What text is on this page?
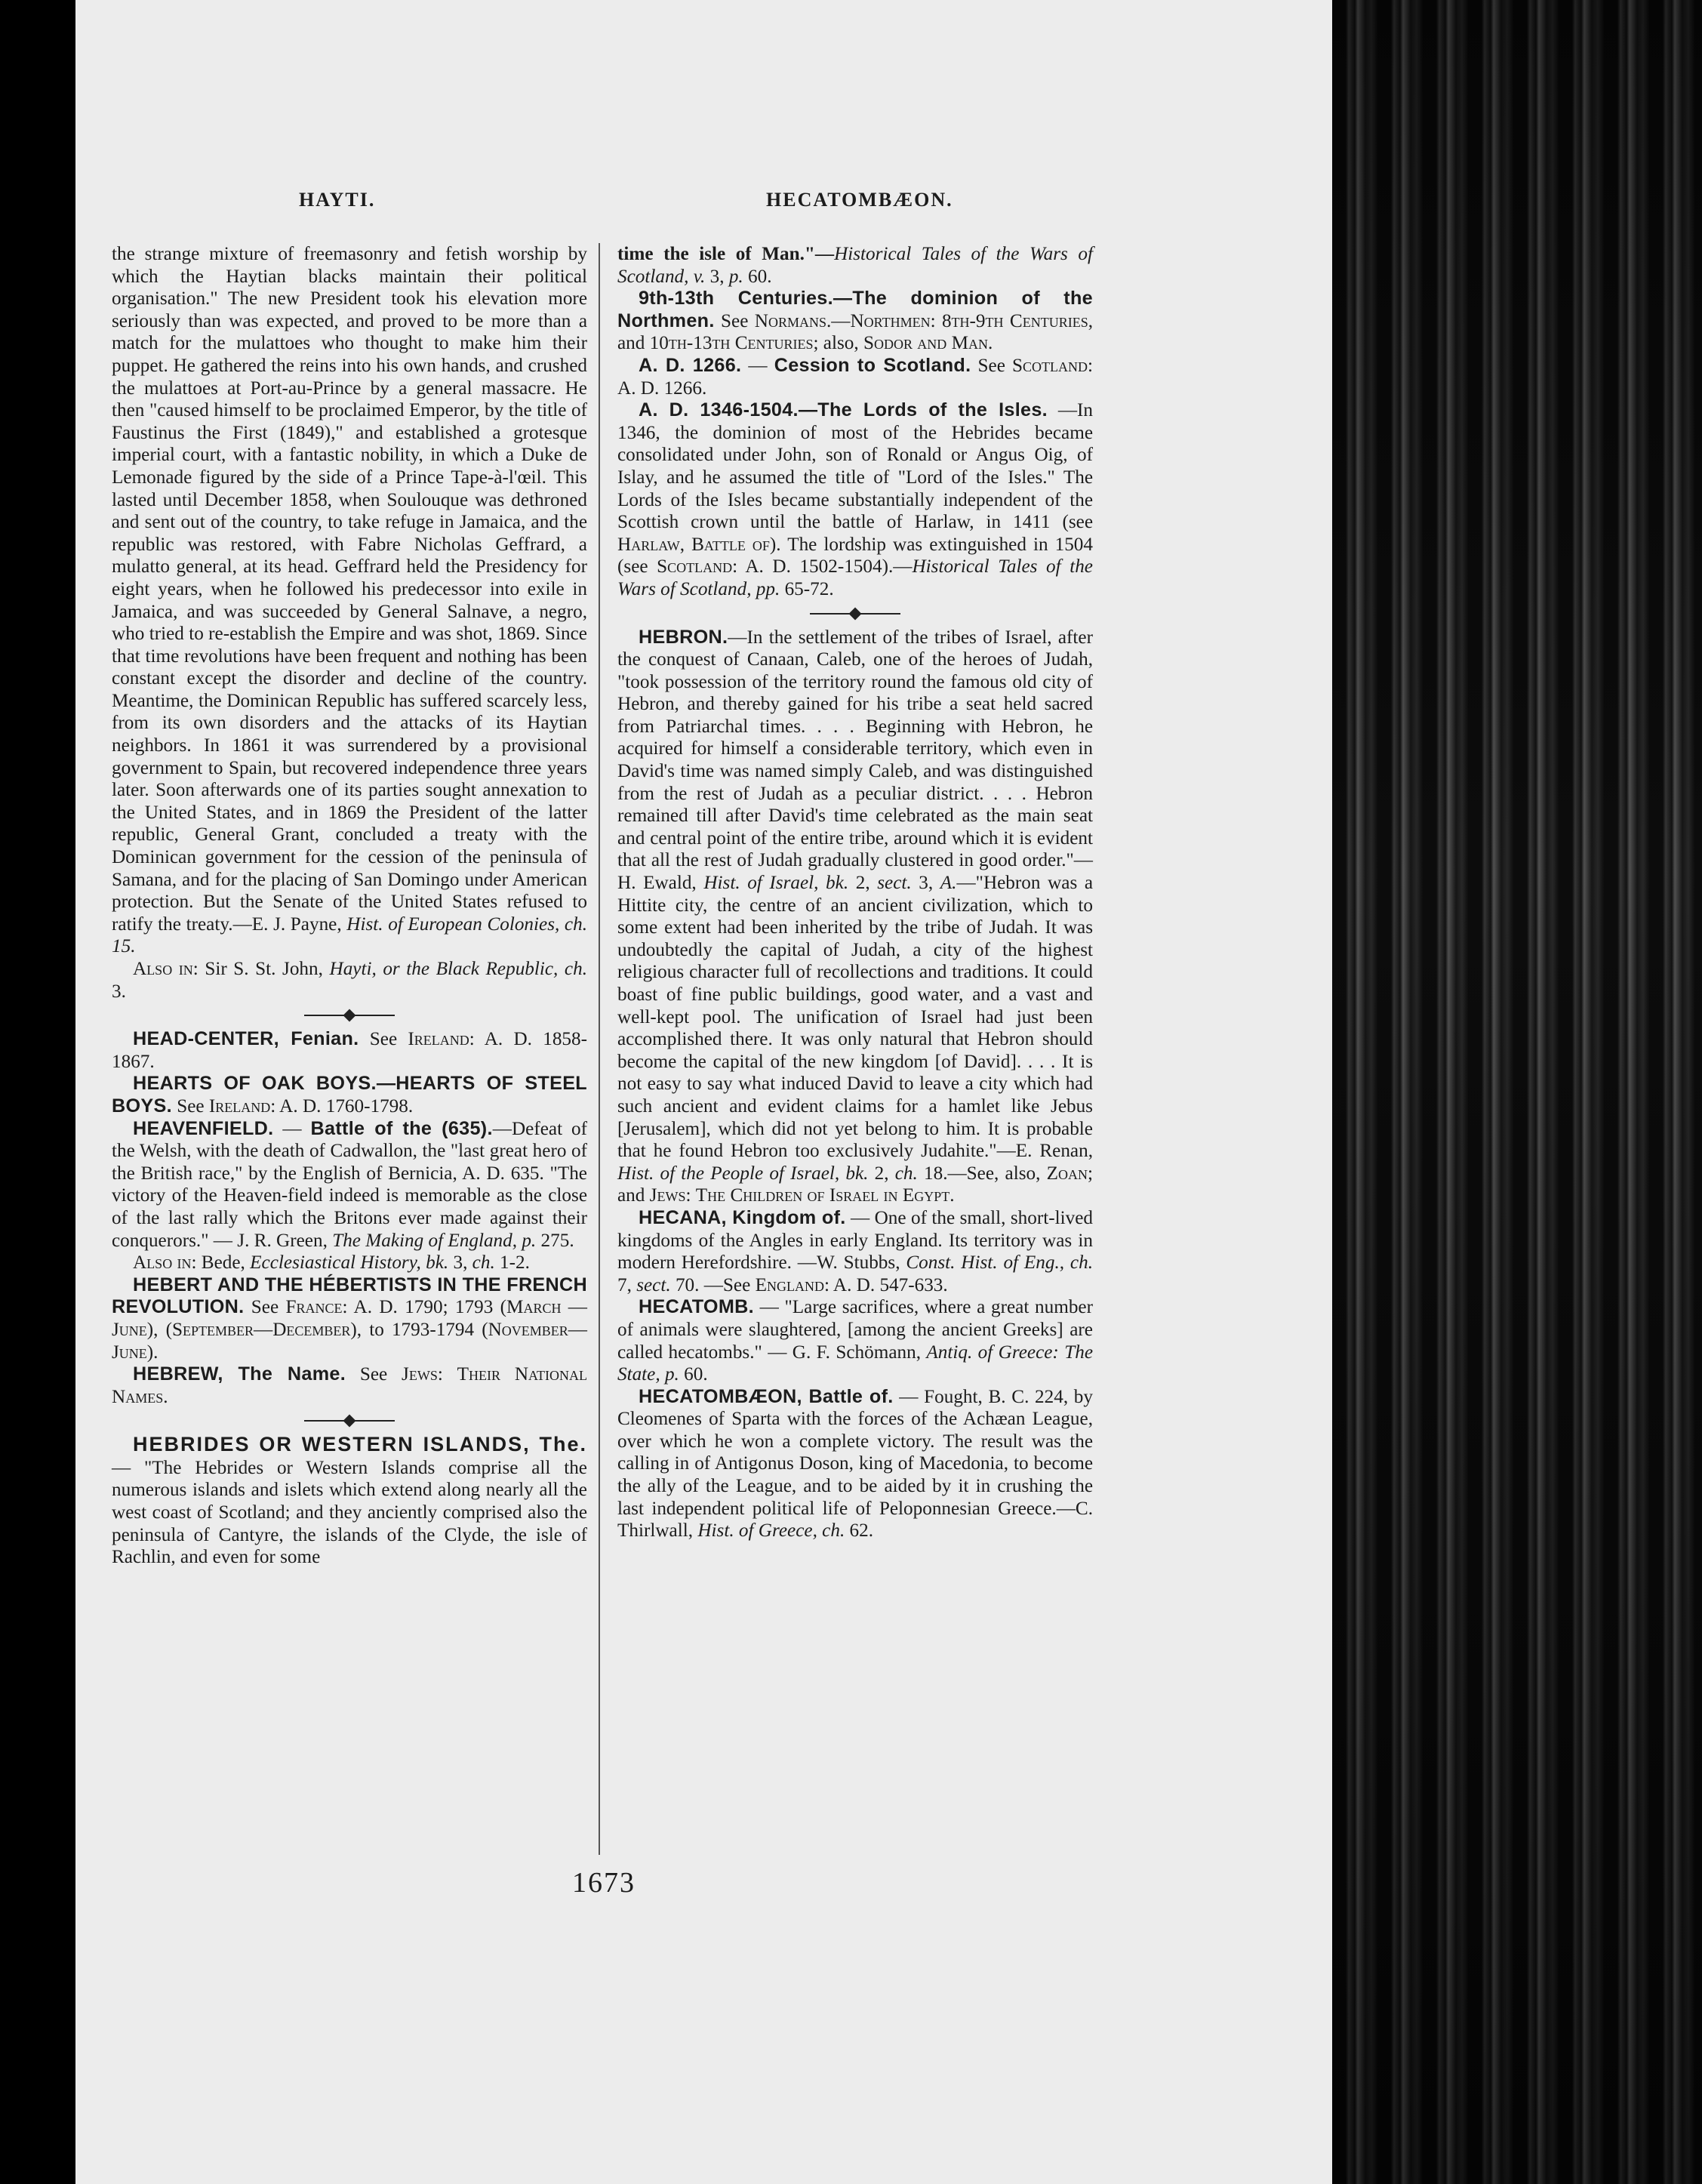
HAYTI.	HECATOMBÆON.

the strange mixture of freemasonry and fetish worship by which the Haytian blacks maintain their political organisation." The new President took his elevation more seriously than was expected, and proved to be more than a match for the mulattoes who thought to make him their puppet. He gathered the reins into his own hands, and crushed the mulattoes at Port-au-Prince by a general massacre. He then "caused himself to be proclaimed Emperor, by the title of Faustinus the First (1849)," and established a grotesque imperial court, with a fantastic nobility, in which a Duke de Lemonade figured by the side of a Prince Tape-à-l'œil. This lasted until December 1858, when Soulouque was dethroned and sent out of the country, to take refuge in Jamaica, and the republic was restored, with Fabre Nicholas Geffrard, a mulatto general, at its head. Geffrard held the Presidency for eight years, when he followed his predecessor into exile in Jamaica, and was succeeded by General Salnave, a negro, who tried to re-establish the Empire and was shot, 1869. Since that time revolutions have been frequent and nothing has been constant except the disorder and decline of the country. Meantime, the Dominican Republic has suffered scarcely less, from its own disorders and the attacks of its Haytian neighbors. In 1861 it was surrendered by a provisional government to Spain, but recovered independence three years later. Soon afterwards one of its parties sought annexation to the United States, and in 1869 the President of the latter republic, General Grant, concluded a treaty with the Dominican government for the cession of the peninsula of Samana, and for the placing of San Domingo under American protection. But the Senate of the United States refused to ratify the treaty.—E. J. Payne, Hist. of European Colonies, ch. 15.

Also in: Sir S. St. John, Hayti, or the Black Republic, ch. 3.

HEAD-CENTER, Fenian. See Ireland: A. D. 1858-1867.

HEARTS OF OAK BOYS.—HEARTS OF STEEL BOYS. See Ireland: A. D. 1760-1798.

HEAVENFIELD. — Battle of the (635).—Defeat of the Welsh, with the death of Cadwallon, the "last great hero of the British race," by the English of Bernicia, A. D. 635. "The victory of the Heaven-field indeed is memorable as the close of the last rally which the Britons ever made against their conquerors." — J. R. Green, The Making of England, p. 275.

Also in: Bede, Ecclesiastical History, bk. 3, ch. 1-2.

HEBERT AND THE HÉBERTISTS IN THE FRENCH REVOLUTION. See France: A. D. 1790; 1793 (March — June), (September—December), to 1793-1794 (November—June).

HEBREW, The Name. See Jews: Their National Names.

HEBRIDES OR WESTERN ISLANDS, The. — "The Hebrides or Western Islands comprise all the numerous islands and islets which extend along nearly all the west coast of Scotland; and they anciently comprised also the peninsula of Cantyre, the islands of the Clyde, the isle of Rachlin, and even for some

time the isle of Man."—Historical Tales of the Wars of Scotland, v. 3, p. 60.

9th-13th Centuries.—The dominion of the Northmen. See Normans.—Northmen: 8th-9th Centuries, and 10th-13th Centuries; also, Sodor and Man.

A. D. 1266. — Cession to Scotland. See Scotland: A. D. 1266.

A. D. 1346-1504.—The Lords of the Isles. —In 1346, the dominion of most of the Hebrides became consolidated under John, son of Ronald or Angus Oig, of Islay, and he assumed the title of "Lord of the Isles." The Lords of the Isles became substantially independent of the Scottish crown until the battle of Harlaw, in 1411 (see Harlaw, Battle of). The lordship was extinguished in 1504 (see Scotland: A. D. 1502-1504).—Historical Tales of the Wars of Scotland, pp. 65-72.

HEBRON.—In the settlement of the tribes of Israel, after the conquest of Canaan, Caleb, one of the heroes of Judah, "took possession of the territory round the famous old city of Hebron, and thereby gained for his tribe a seat held sacred from Patriarchal times. . . . Beginning with Hebron, he acquired for himself a considerable territory, which even in David's time was named simply Caleb, and was distinguished from the rest of Judah as a peculiar district. . . . Hebron remained till after David's time celebrated as the main seat and central point of the entire tribe, around which it is evident that all the rest of Judah gradually clustered in good order."—H. Ewald, Hist. of Israel, bk. 2, sect. 3, A.—"Hebron was a Hittite city, the centre of an ancient civilization, which to some extent had been inherited by the tribe of Judah. It was undoubtedly the capital of Judah, a city of the highest religious character full of recollections and traditions. It could boast of fine public buildings, good water, and a vast and well-kept pool. The unification of Israel had just been accomplished there. It was only natural that Hebron should become the capital of the new kingdom [of David]. . . . It is not easy to say what induced David to leave a city which had such ancient and evident claims for a hamlet like Jebus [Jerusalem], which did not yet belong to him. It is probable that he found Hebron too exclusively Judahite."—E. Renan, Hist. of the People of Israel, bk. 2, ch. 18.—See, also, Zoan; and Jews: The Children of Israel in Egypt.

HECANA, Kingdom of. — One of the small, short-lived kingdoms of the Angles in early England. Its territory was in modern Herefordshire. —W. Stubbs, Const. Hist. of Eng., ch. 7, sect. 70. —See England: A. D. 547-633.

HECATOMB. — "Large sacrifices, where a great number of animals were slaughtered, [among the ancient Greeks] are called hecatombs." — G. F. Schömann, Antiq. of Greece: The State, p. 60.

HECATOMBÆON, Battle of. — Fought, B. C. 224, by Cleomenes of Sparta with the forces of the Achæan League, over which he won a complete victory. The result was the calling in of Antigonus Doson, king of Macedonia, to become the ally of the League, and to be aided by it in crushing the last independent political life of Peloponnesian Greece.—C. Thirlwall, Hist. of Greece, ch. 62.

1673
